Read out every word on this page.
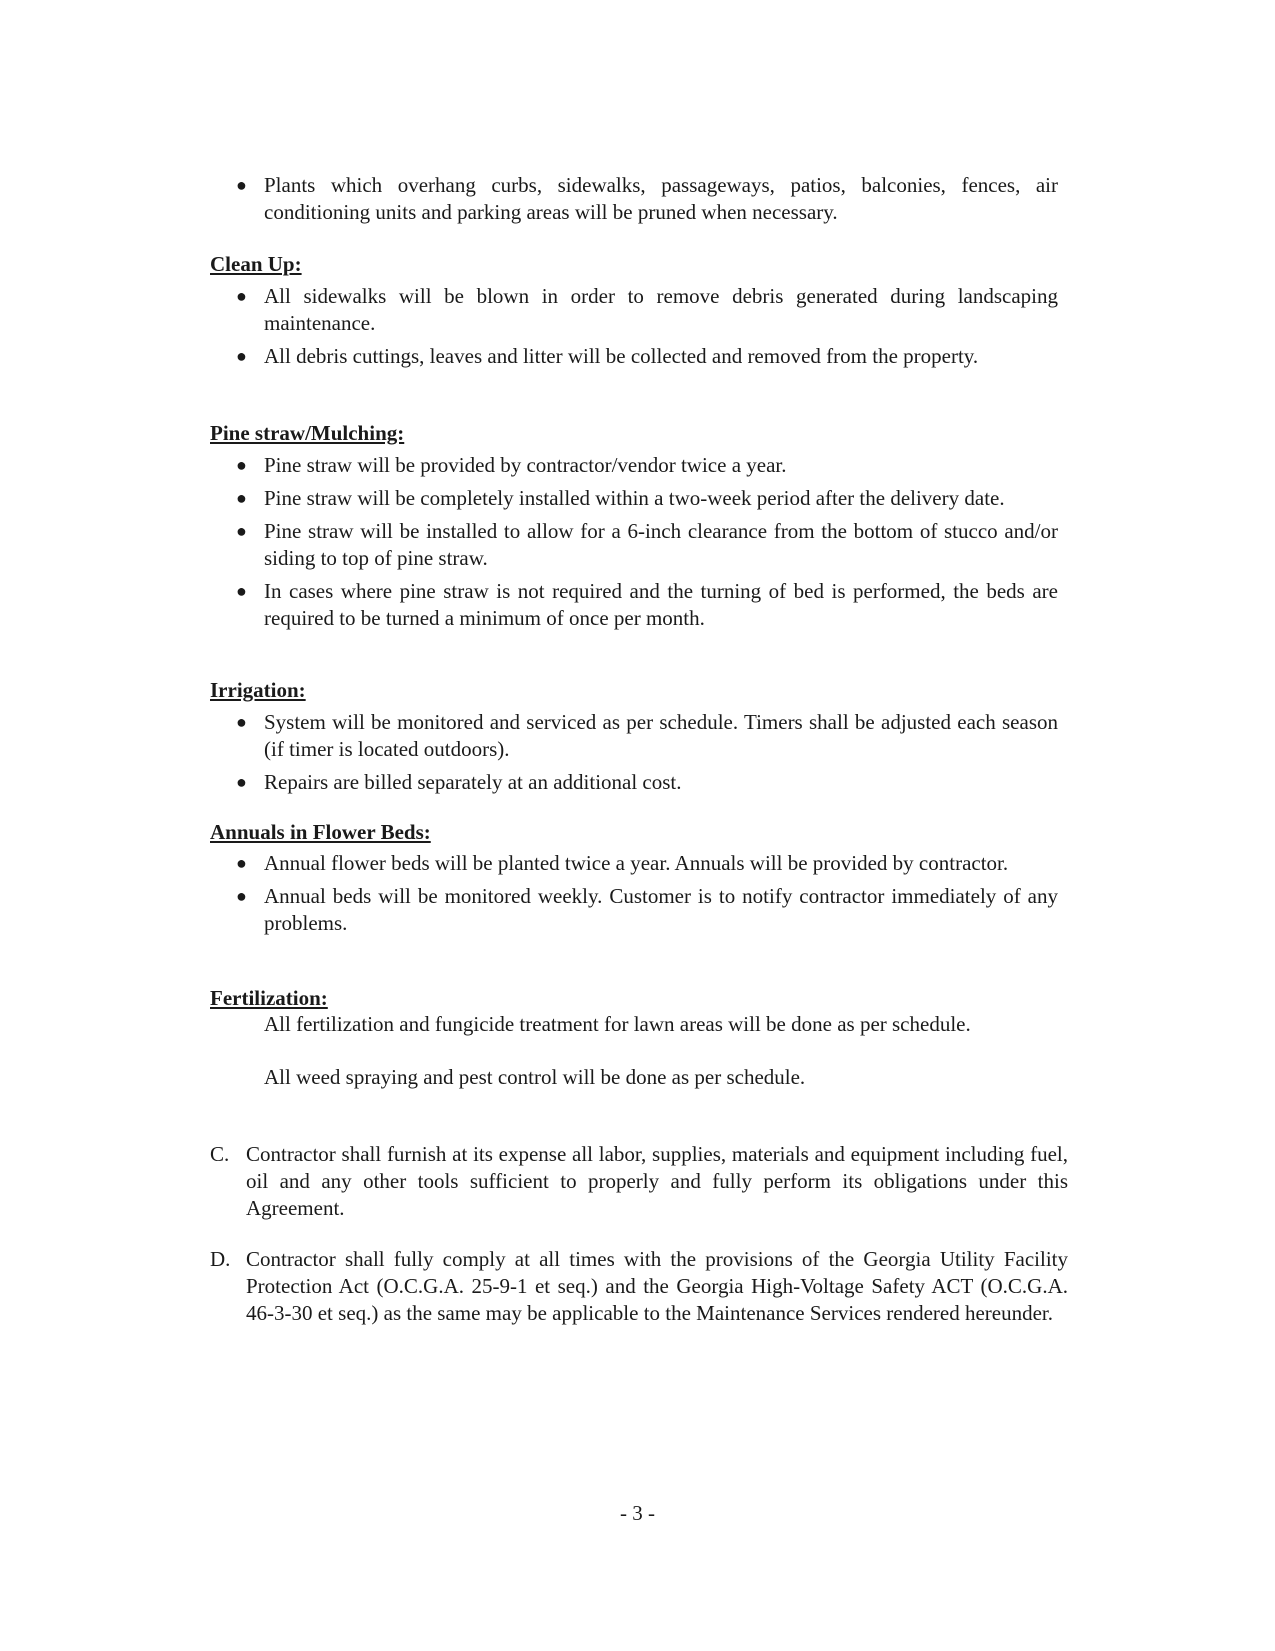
● Plants which overhang curbs, sidewalks, passageways, patios, balconies, fences, air conditioning units and parking areas will be pruned when necessary.
Clean Up:
● All sidewalks will be blown in order to remove debris generated during landscaping maintenance.
● All debris cuttings, leaves and litter will be collected and removed from the property.
Pine straw/Mulching:
● Pine straw will be provided by contractor/vendor twice a year.
● Pine straw will be completely installed within a two-week period after the delivery date.
● Pine straw will be installed to allow for a 6-inch clearance from the bottom of stucco and/or siding to top of pine straw.
● In cases where pine straw is not required and the turning of bed is performed, the beds are required to be turned a minimum of once per month.
Irrigation:
● System will be monitored and serviced as per schedule. Timers shall be adjusted each season (if timer is located outdoors).
● Repairs are billed separately at an additional cost.
Annuals in Flower Beds:
● Annual flower beds will be planted twice a year. Annuals will be provided by contractor.
● Annual beds will be monitored weekly. Customer is to notify contractor immediately of any problems.
Fertilization:
All fertilization and fungicide treatment for lawn areas will be done as per schedule.
All weed spraying and pest control will be done as per schedule.
C. Contractor shall furnish at its expense all labor, supplies, materials and equipment including fuel, oil and any other tools sufficient to properly and fully perform its obligations under this Agreement.
D. Contractor shall fully comply at all times with the provisions of the Georgia Utility Facility Protection Act (O.C.G.A. 25-9-1 et seq.) and the Georgia High-Voltage Safety ACT (O.C.G.A. 46-3-30 et seq.) as the same may be applicable to the Maintenance Services rendered hereunder.
- 3 -
